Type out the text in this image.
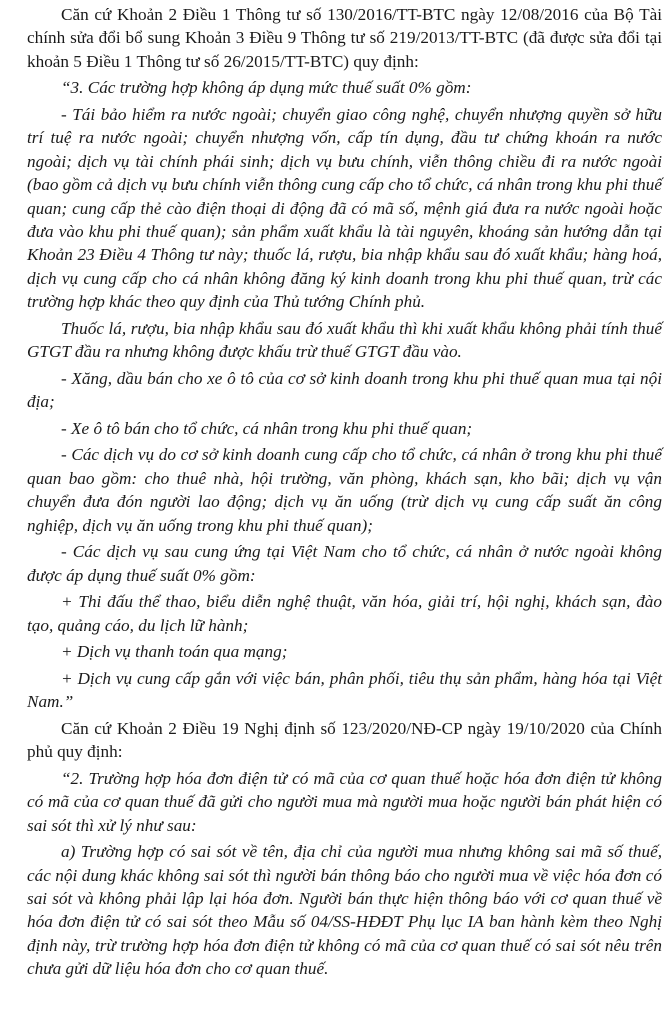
Căn cứ Khoản 2 Điều 1 Thông tư số 130/2016/TT-BTC ngày 12/08/2016 của Bộ Tài chính sửa đổi bổ sung Khoản 3 Điều 9 Thông tư số 219/2013/TT-BTC (đã được sửa đổi tại khoản 5 Điều 1 Thông tư số 26/2015/TT-BTC) quy định:

“3. Các trường hợp không áp dụng mức thuế suất 0% gồm:

- Tái bảo hiểm ra nước ngoài; chuyển giao công nghệ, chuyển nhượng quyền sở hữu trí tuệ ra nước ngoài; chuyển nhượng vốn, cấp tín dụng, đầu tư chứng khoán ra nước ngoài; dịch vụ tài chính phái sinh; dịch vụ bưu chính, viễn thông chiều đi ra nước ngoài (bao gồm cả dịch vụ bưu chính viễn thông cung cấp cho tổ chức, cá nhân trong khu phi thuế quan; cung cấp thẻ cào điện thoại di động đã có mã số, mệnh giá đưa ra nước ngoài hoặc đưa vào khu phi thuế quan); sản phẩm xuất khẩu là tài nguyên, khoáng sản hướng dẫn tại Khoản 23 Điều 4 Thông tư này; thuốc lá, rượu, bia nhập khẩu sau đó xuất khẩu; hàng hoá, dịch vụ cung cấp cho cá nhân không đăng ký kinh doanh trong khu phi thuế quan, trừ các trường hợp khác theo quy định của Thủ tướng Chính phủ.

Thuốc lá, rượu, bia nhập khẩu sau đó xuất khẩu thì khi xuất khẩu không phải tính thuế GTGT đầu ra nhưng không được khấu trừ thuế GTGT đầu vào.

- Xăng, dầu bán cho xe ô tô của cơ sở kinh doanh trong khu phi thuế quan mua tại nội địa;

- Xe ô tô bán cho tổ chức, cá nhân trong khu phi thuế quan;

- Các dịch vụ do cơ sở kinh doanh cung cấp cho tổ chức, cá nhân ở trong khu phi thuế quan bao gồm: cho thuê nhà, hội trường, văn phòng, khách sạn, kho bãi; dịch vụ vận chuyển đưa đón người lao động; dịch vụ ăn uống (trừ dịch vụ cung cấp suất ăn công nghiệp, dịch vụ ăn uống trong khu phi thuế quan);

- Các dịch vụ sau cung ứng tại Việt Nam cho tổ chức, cá nhân ở nước ngoài không được áp dụng thuế suất 0% gồm:

+ Thi đấu thể thao, biểu diễn nghệ thuật, văn hóa, giải trí, hội nghị, khách sạn, đào tạo, quảng cáo, du lịch lữ hành;

+ Dịch vụ thanh toán qua mạng;

+ Dịch vụ cung cấp gắn với việc bán, phân phối, tiêu thụ sản phẩm, hàng hóa tại Việt Nam.”

Căn cứ Khoản 2 Điều 19 Nghị định số 123/2020/NĐ-CP ngày 19/10/2020 của Chính phủ quy định:

“2. Trường hợp hóa đơn điện tử có mã của cơ quan thuế hoặc hóa đơn điện tử không có mã của cơ quan thuế đã gửi cho người mua mà người mua hoặc người bán phát hiện có sai sót thì xử lý như sau:

a) Trường hợp có sai sót về tên, địa chỉ của người mua nhưng không sai mã số thuế, các nội dung khác không sai sót thì người bán thông báo cho người mua về việc hóa đơn có sai sót và không phải lập lại hóa đơn. Người bán thực hiện thông báo với cơ quan thuế về hóa đơn điện tử có sai sót theo Mẫu số 04/SS-HĐĐT Phụ lục IA ban hành kèm theo Nghị định này, trừ trường hợp hóa đơn điện tử không có mã của cơ quan thuế có sai sót nêu trên chưa gửi dữ liệu hóa đơn cho cơ quan thuế.
